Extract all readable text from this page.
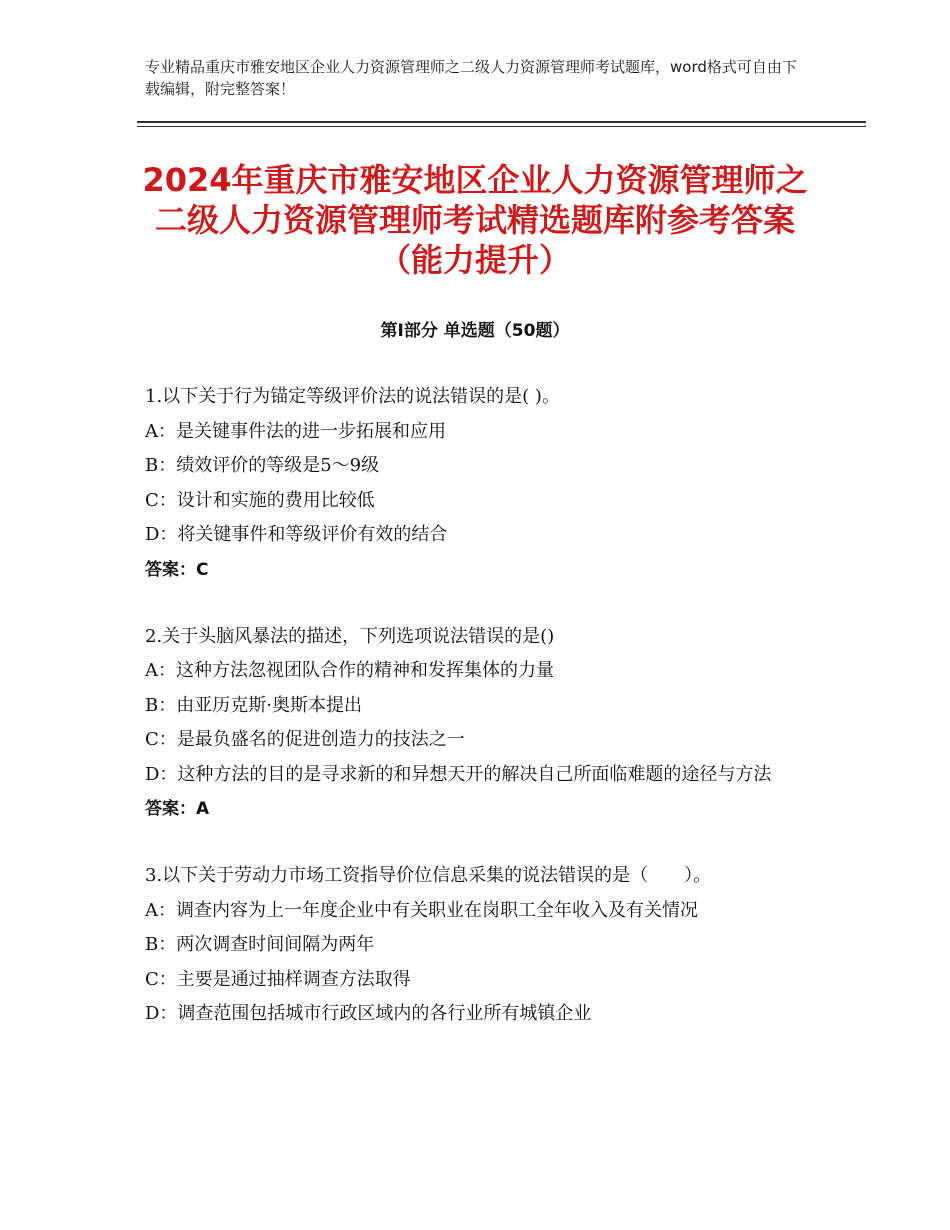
专业精品重庆市雅安地区企业人力资源管理师之二级人力资源管理师考试题库，word格式可自由下载编辑，附完整答案！
2024年重庆市雅安地区企业人力资源管理师之二级人力资源管理师考试精选题库附参考答案（能力提升）
第Ⅰ部分 单选题（50题）
1.以下关于行为锚定等级评价法的说法错误的是( )。
A：是关键事件法的进一步拓展和应用
B：绩效评价的等级是5～9级
C：设计和实施的费用比较低
D：将关键事件和等级评价有效的结合
答案：C
2.关于头脑风暴法的描述，下列选项说法错误的是()
A：这种方法忽视团队合作的精神和发挥集体的力量
B：由亚历克斯·奥斯本提出
C：是最负盛名的促进创造力的技法之一
D：这种方法的目的是寻求新的和异想天开的解决自己所面临难题的途径与方法
答案：A
3.以下关于劳动力市场工资指导价位信息采集的说法错误的是（　　）。
A：调查内容为上一年度企业中有关职业在岗职工全年收入及有关情况
B：两次调查时间间隔为两年
C：主要是通过抽样调查方法取得
D：调查范围包括城市行政区域内的各行业所有城镇企业
